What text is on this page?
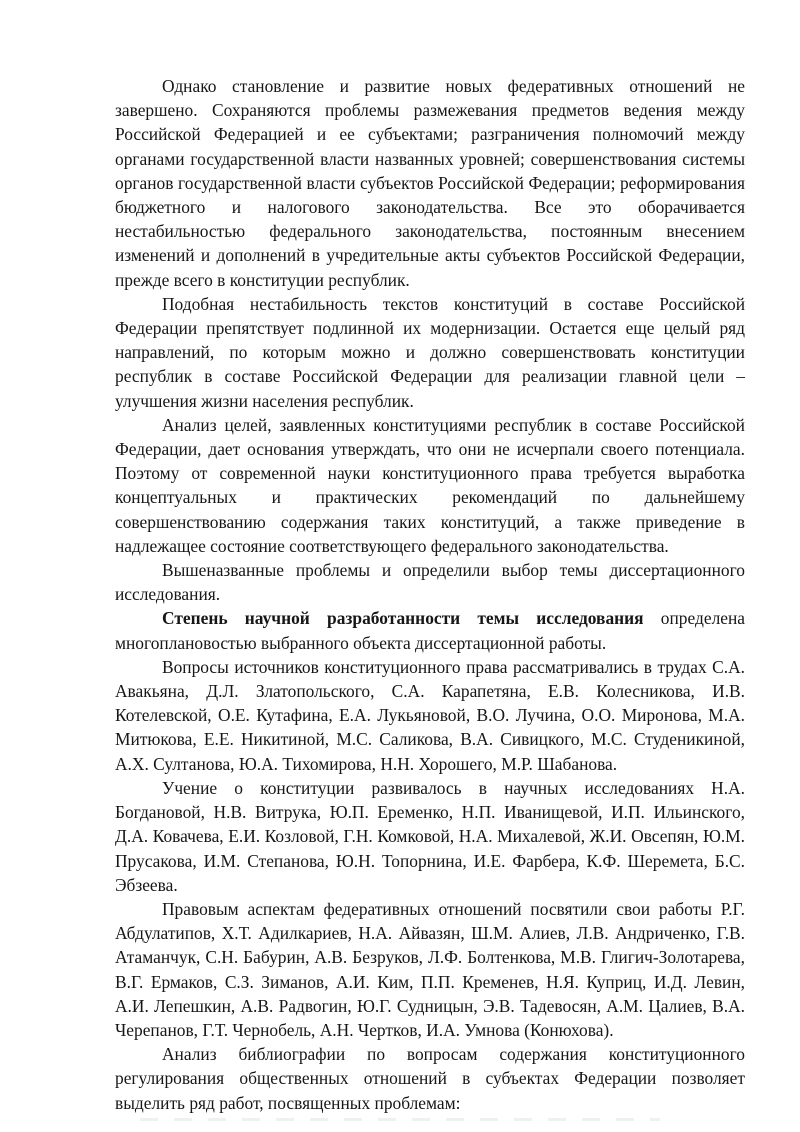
Однако становление и развитие новых федеративных отношений не завершено. Сохраняются проблемы размежевания предметов ведения между Российской Федерацией и ее субъектами; разграничения полномочий между органами государственной власти названных уровней; совершенствования системы органов государственной власти субъектов Российской Федерации; реформирования бюджетного и налогового законодательства. Все это оборачивается нестабильностью федерального законодательства, постоянным внесением изменений и дополнений в учредительные акты субъектов Российской Федерации, прежде всего в конституции республик.

Подобная нестабильность текстов конституций в составе Российской Федерации препятствует подлинной их модернизации. Остается еще целый ряд направлений, по которым можно и должно совершенствовать конституции республик в составе Российской Федерации для реализации главной цели – улучшения жизни населения республик.

Анализ целей, заявленных конституциями республик в составе Российской Федерации, дает основания утверждать, что они не исчерпали своего потенциала. Поэтому от современной науки конституционного права требуется выработка концептуальных и практических рекомендаций по дальнейшему совершенствованию содержания таких конституций, а также приведение в надлежащее состояние соответствующего федерального законодательства.

Вышеназванные проблемы и определили выбор темы диссертационного исследования.

Степень научной разработанности темы исследования определена многоплановостью выбранного объекта диссертационной работы.

Вопросы источников конституционного права рассматривались в трудах С.А. Авакьяна, Д.Л. Златопольского, С.А. Карапетяна, Е.В. Колесникова, И.В. Котелевской, О.Е. Кутафина, Е.А. Лукьяновой, В.О. Лучина, О.О. Миронова, М.А. Митюкова, Е.Е. Никитиной, М.С. Саликова, В.А. Сивицкого, М.С. Студеникиной, А.Х. Султанова, Ю.А. Тихомирова, Н.Н. Хорошего, М.Р. Шабанова.

Учение о конституции развивалось в научных исследованиях Н.А. Богдановой, Н.В. Витрука, Ю.П. Еременко, Н.П. Иванищевой, И.П. Ильинского, Д.А. Ковачева, Е.И. Козловой, Г.Н. Комковой, Н.А. Михалевой, Ж.И. Овсепян, Ю.М. Прусакова, И.М. Степанова, Ю.Н. Топорнина, И.Е. Фарбера, К.Ф. Шеремета, Б.С. Эбзеева.

Правовым аспектам федеративных отношений посвятили свои работы Р.Г. Абдулатипов, Х.Т. Адилкариев, Н.А. Айвазян, Ш.М. Алиев, Л.В. Андриченко, Г.В. Атаманчук, С.Н. Бабурин, А.В. Безруков, Л.Ф. Болтенкова, М.В. Глигич-Золотарева, В.Г. Ермаков, С.З. Зиманов, А.И. Ким, П.П. Кременев, Н.Я. Куприц, И.Д. Левин, А.И. Лепешкин, А.В. Радвогин, Ю.Г. Судницын, Э.В. Тадевосян, А.М. Цалиев, В.А. Черепанов, Г.Т. Чернобель, А.Н. Чертков, И.А. Умнова (Конюхова).

Анализ библиографии по вопросам содержания конституционного регулирования общественных отношений в субъектах Федерации позволяет выделить ряд работ, посвященных проблемам:
